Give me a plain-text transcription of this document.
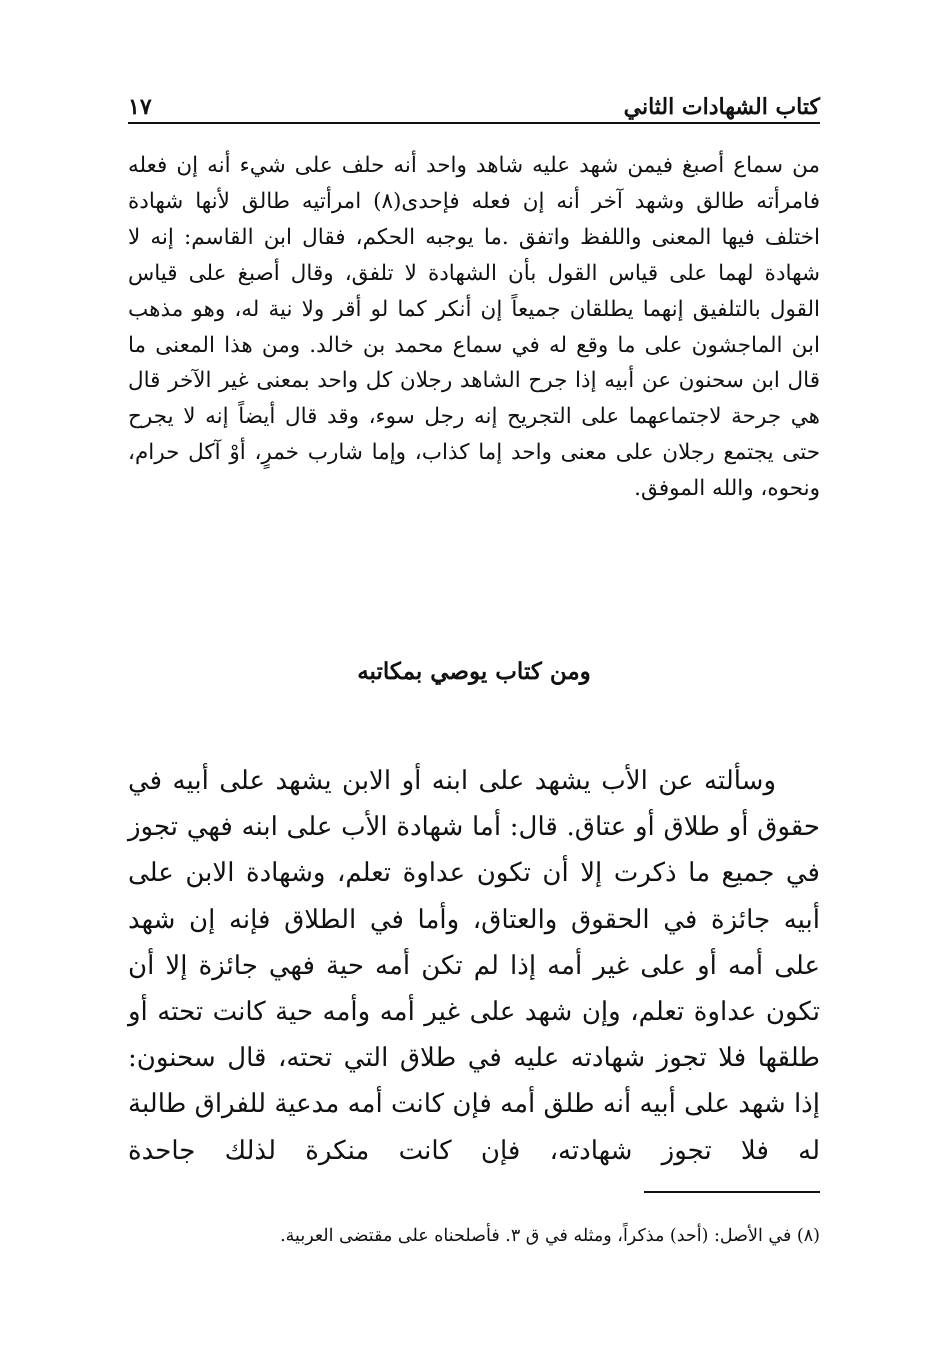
كتاب الشهادات الثاني
١٧

من سماع أصبغ فيمن شهد عليه شاهد واحد أنه حلف على شيء أنه إن فعله فامرأته طالق وشهد آخر أنه إن فعله فإحدى(٨) امرأتيه طالق لأنها شهادة اختلف فيها المعنى واللفظ واتفق .ما يوجبه الحكم، فقال ابن القاسم: إنه لا شهادة لهما على قياس القول بأن الشهادة لا تلفق، وقال أصبغ على قياس القول بالتلفيق إنهما يطلقان جميعاً إن أنكر كما لو أقر ولا نية له، وهو مذهب ابن الماجشون على ما وقع له في سماع محمد بن خالد. ومن هذا المعنى ما قال ابن سحنون عن أبيه إذا جرح الشاهد رجلان كل واحد بمعنى غير الآخر قال هي جرحة لاجتماعهما على التجريح إنه رجل سوء، وقد قال أيضاً إنه لا يجرح حتى يجتمع رجلان على معنى واحد إما كذاب، وإما شارب خمرٍ، أوْ آكل حرام، ونحوه، والله الموفق.

ومن كتاب يوصي بمكاتبه

وسألته عن الأب يشهد على ابنه أو الابن يشهد على أبيه في حقوق أو طلاق أو عتاق. قال: أما شهادة الأب على ابنه فهي تجوز في جميع ما ذكرت إلا أن تكون عداوة تعلم، وشهادة الابن على أبيه جائزة في الحقوق والعتاق، وأما في الطلاق فإنه إن شهد على أمه أو على غير أمه إذا لم تكن أمه حية فهي جائزة إلا أن تكون عداوة تعلم، وإن شهد على غير أمه وأمه حية كانت تحته أو طلقها فلا تجوز شهادته عليه في طلاق التي تحته، قال سحنون: إذا شهد على أبيه أنه طلق أمه فإن كانت أمه مدعية للفراق طالبة له فلا تجوز شهادته، فإن كانت منكرة لذلك جاحدة

(٨) في الأصل: (أحد) مذكراً، ومثله في ق ٣. فأصلحناه على مقتضى العربية.
